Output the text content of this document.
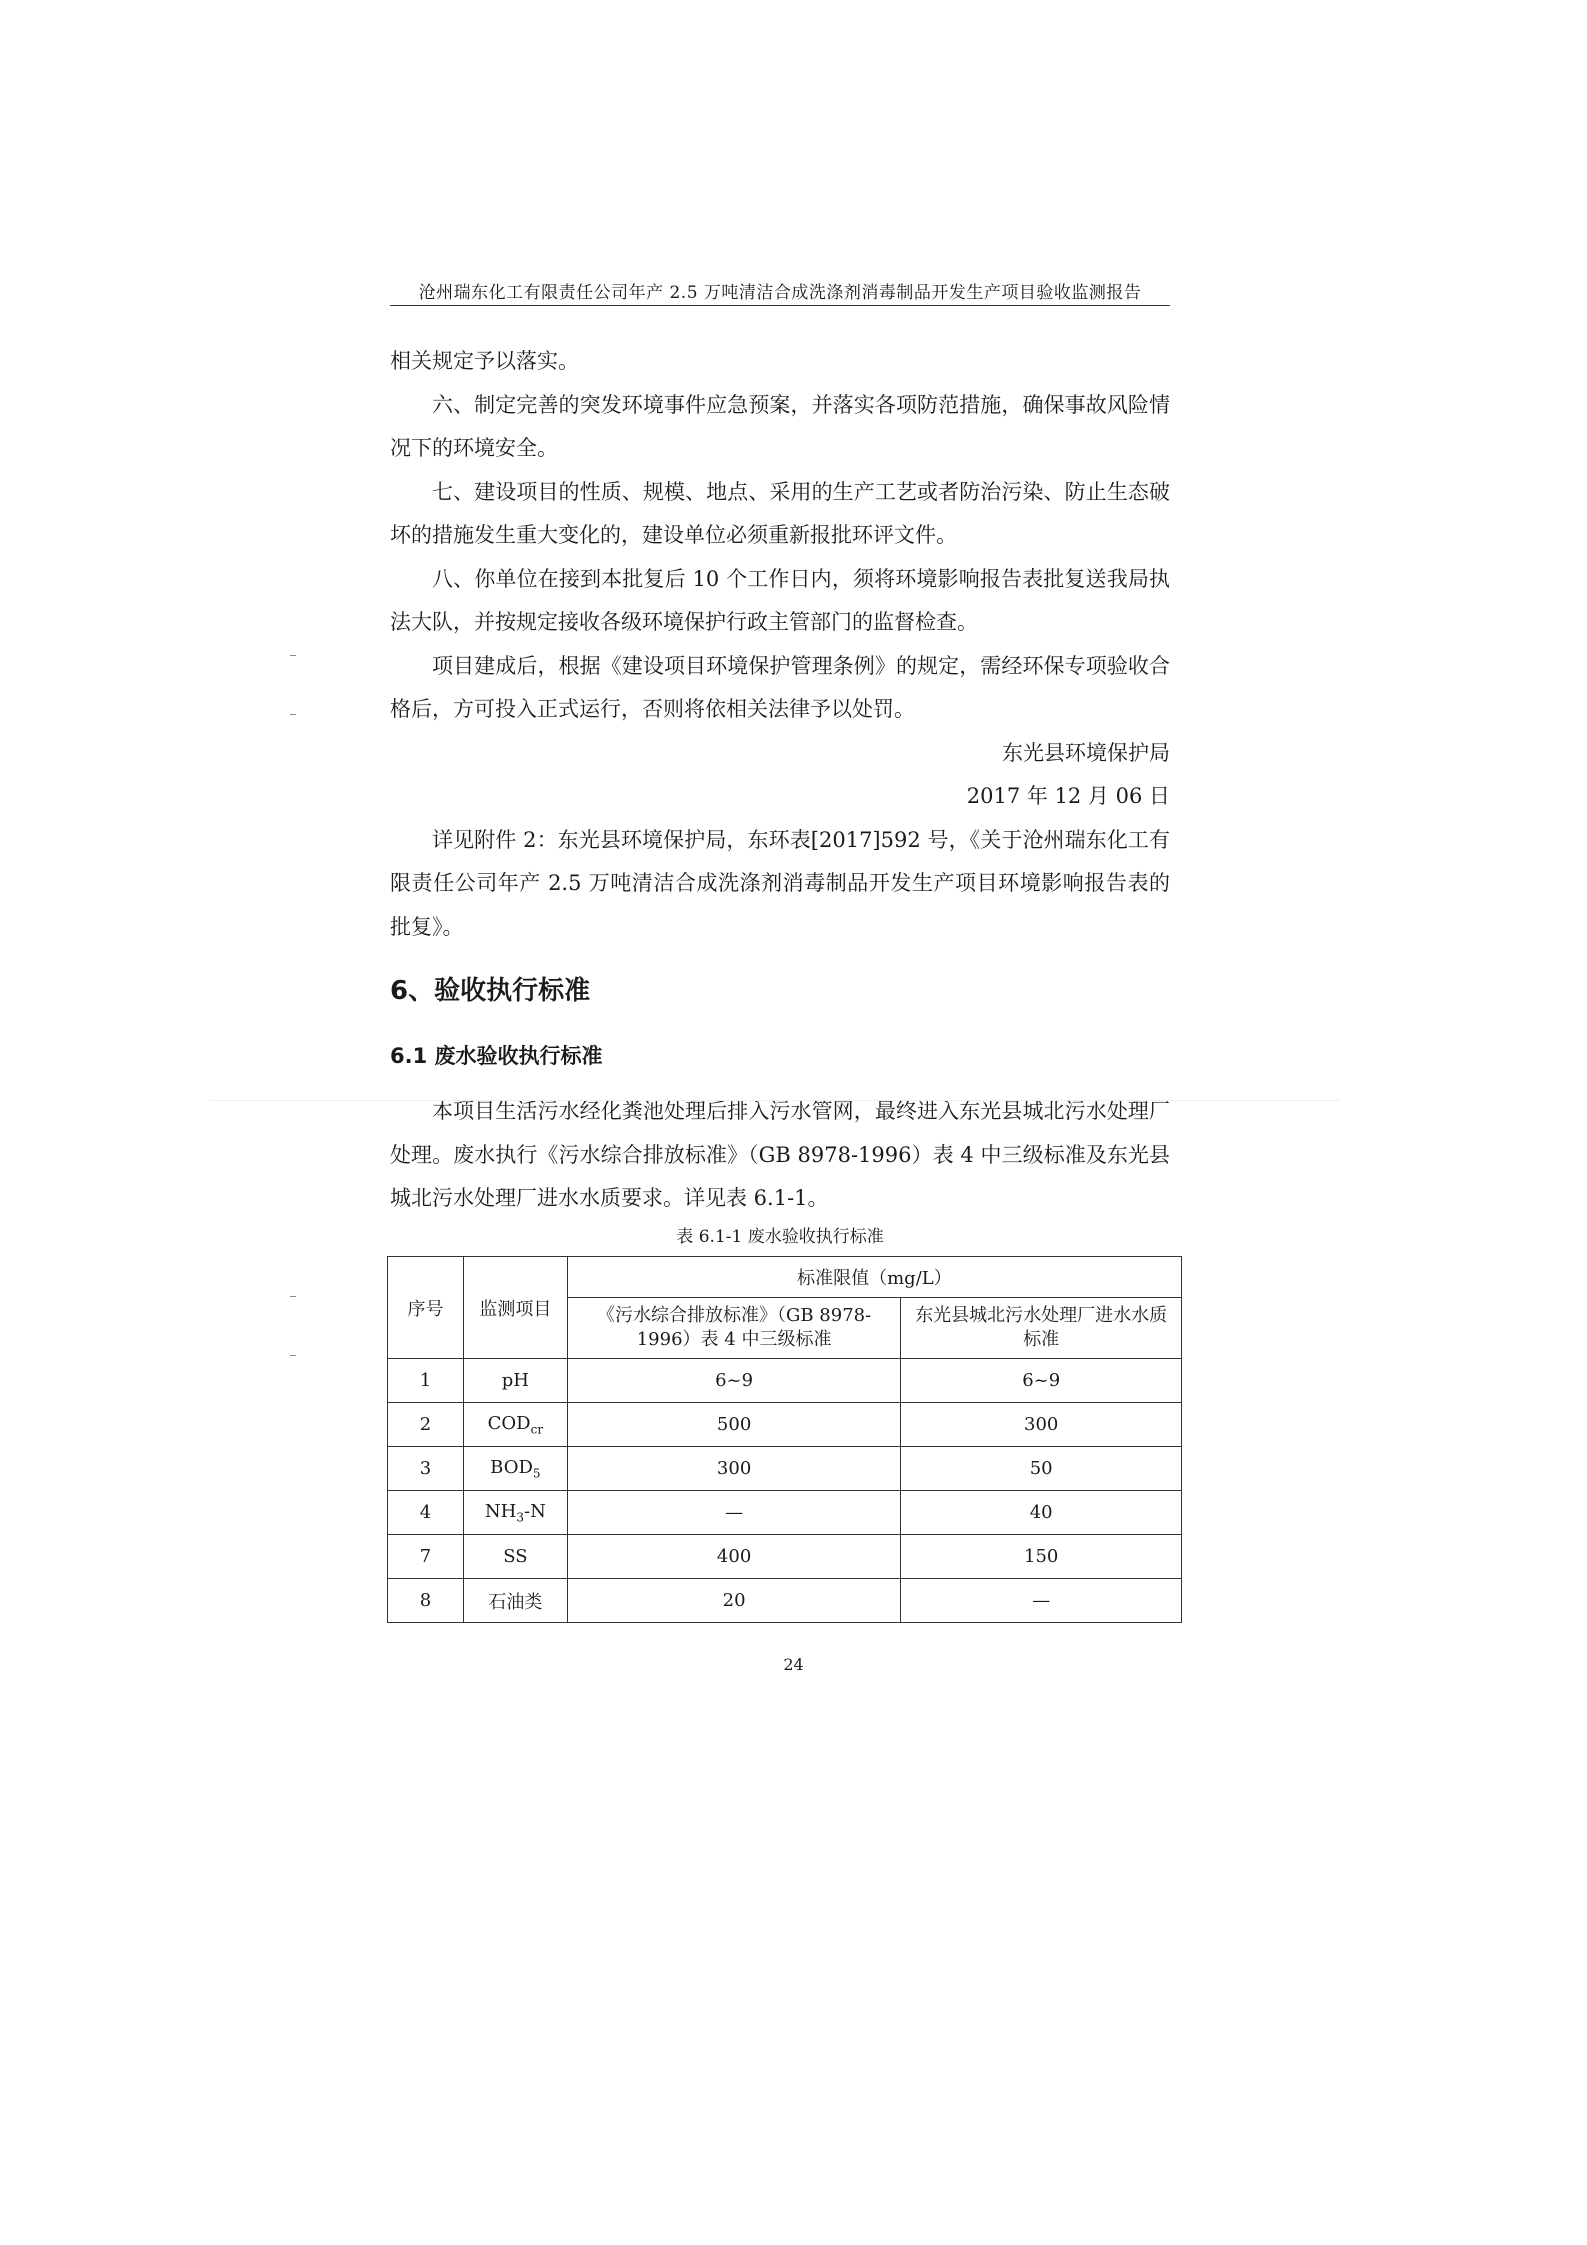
沧州瑞东化工有限责任公司年产 2.5 万吨清洁合成洗涤剂消毒制品开发生产项目验收监测报告

相关规定予以落实。

六、制定完善的突发环境事件应急预案，并落实各项防范措施，确保事故风险情况下的环境安全。

七、建设项目的性质、规模、地点、采用的生产工艺或者防治污染、防止生态破坏的措施发生重大变化的，建设单位必须重新报批环评文件。

八、你单位在接到本批复后 10 个工作日内，须将环境影响报告表批复送我局执法大队，并按规定接收各级环境保护行政主管部门的监督检查。

项目建成后，根据《建设项目环境保护管理条例》的规定，需经环保专项验收合格后，方可投入正式运行，否则将依相关法律予以处罚。

东光县环境保护局

2017 年 12 月 06 日

详见附件 2：东光县环境保护局，东环表[2017]592 号，《关于沧州瑞东化工有限责任公司年产 2.5 万吨清洁合成洗涤剂消毒制品开发生产项目环境影响报告表的批复》。

6、验收执行标准
6.1 废水验收执行标准

本项目生活污水经化粪池处理后排入污水管网，最终进入东光县城北污水处理厂处理。废水执行《污水综合排放标准》（GB 8978-1996）表 4 中三级标准及东光县城北污水处理厂进水水质要求。详见表 6.1-1。

表 6.1-1 废水验收执行标准
序号	监测项目	标准限值（mg/L）	
		《污水综合排放标准》（GB 8978-1996）表 4 中三级标准	东光县城北污水处理厂进水水质标准
1	pH	6~9	6~9
2	$COD_{cr}$	500	300
3	$BOD_5$	300	50
4	$NH_3-N$	—	40
7	SS	400	150
8	石油类	20	—
24
